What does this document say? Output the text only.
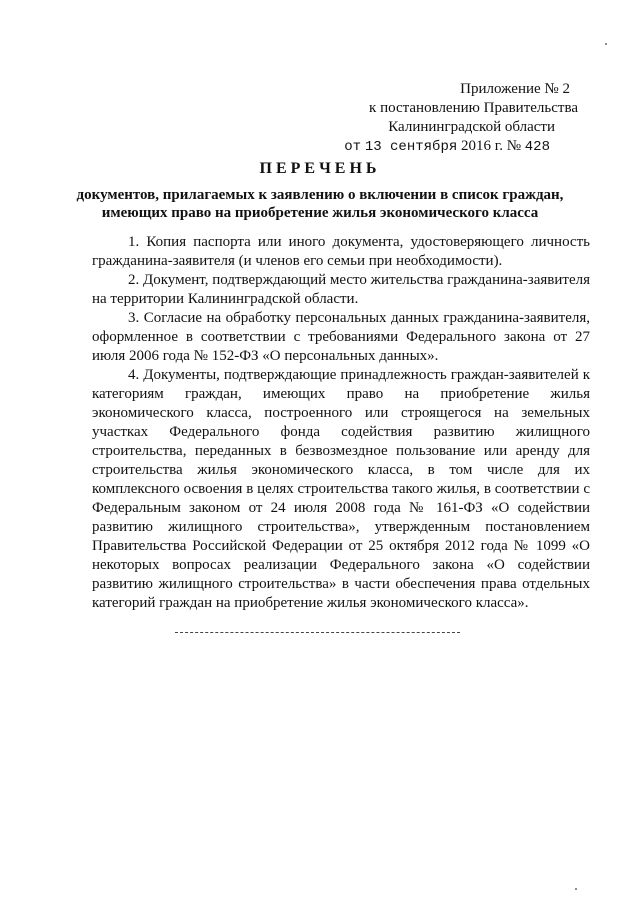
Приложение № 2
к постановлению Правительства
Калининградской области
от 13 сентября 2016 г. № 428
ПЕРЕЧЕНЬ
документов, прилагаемых к заявлению о включении в список граждан,
имеющих право на приобретение жилья экономического класса

1. Копия паспорта или иного документа, удостоверяющего личность гражданина-заявителя (и членов его семьи при необходимости).

2. Документ, подтверждающий место жительства гражданина-заявителя на территории Калининградской области.

3. Согласие на обработку персональных данных гражданина-заявителя, оформленное в соответствии с требованиями Федерального закона от 27 июля 2006 года № 152-ФЗ «О персональных данных».

4. Документы, подтверждающие принадлежность граждан-заявителей к категориям граждан, имеющих право на приобретение жилья экономического класса, построенного или строящегося на земельных участках Федерального фонда содействия развитию жилищного строительства, переданных в безвозмездное пользование или аренду для строительства жилья экономического класса, в том числе для их комплексного освоения в целях строительства такого жилья, в соответствии с Федеральным законом от 24 июля 2008 года № 161-ФЗ «О содействии развитию жилищного строительства», утвержденным постановлением Правительства Российской Федерации от 25 октября 2012 года № 1099 «О некоторых вопросах реализации Федерального закона «О содействии развитию жилищного строительства» в части обеспечения права отдельных категорий граждан на приобретение жилья экономического класса».
